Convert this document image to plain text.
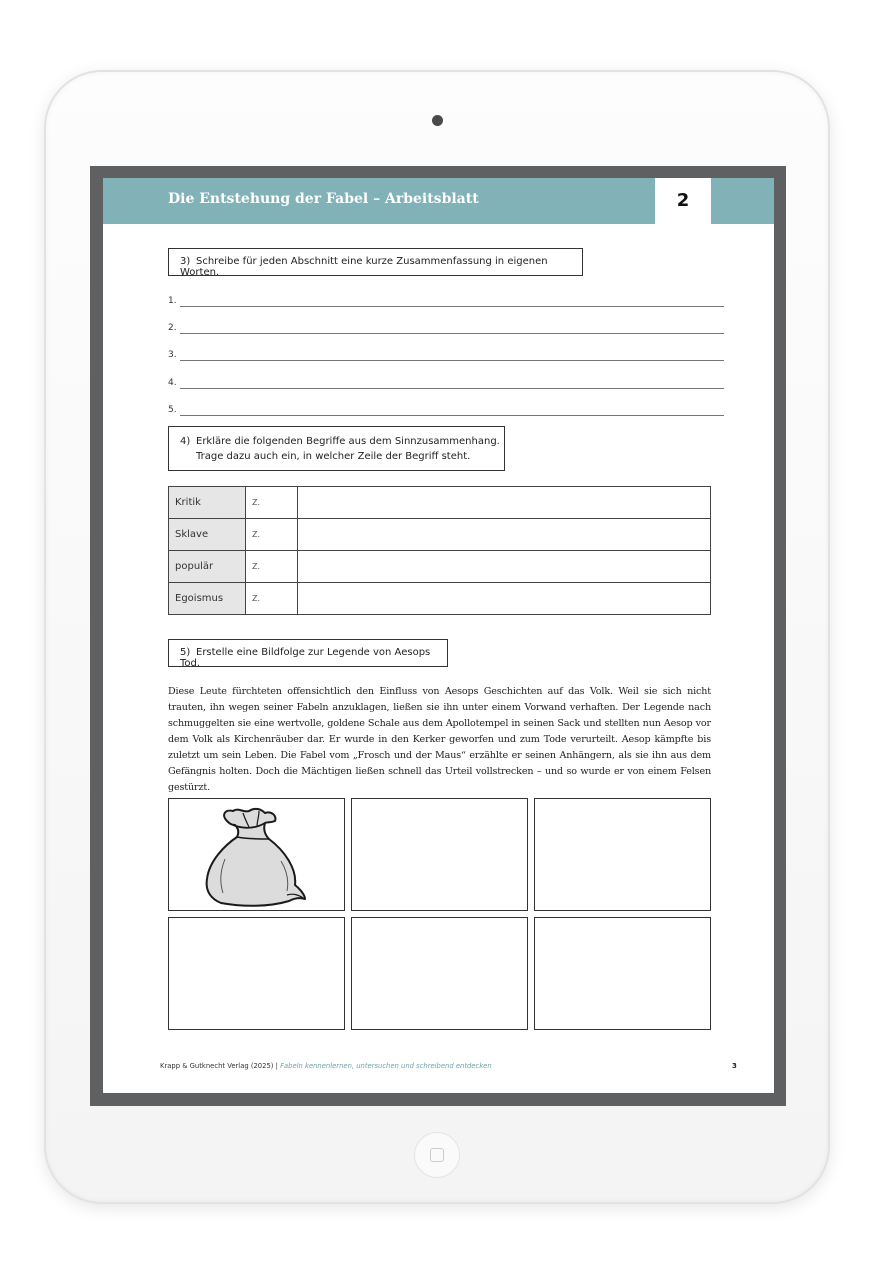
Die Entstehung der Fabel – Arbeitsblatt	2
3) Schreibe für jeden Abschnitt eine kurze Zusammenfassung in eigenen Worten.
1.
2.
3.
4.
5.
4) Erkläre die folgenden Begriffe aus dem Sinnzusammenhang.
Trage dazu auch ein, in welcher Zeile der Begriff steht.
Kritik	Z.	
Sklave	Z.	
populär	Z.	
Egoismus	Z.	
5) Erstelle eine Bildfolge zur Legende von Aesops Tod.
Diese Leute fürchteten offensichtlich den Einfluss von Aesops Geschichten auf das Volk. Weil sie sich nicht trauten, ihn wegen seiner Fabeln anzuklagen, ließen sie ihn unter einem Vorwand verhaften. Der Legende nach schmuggelten sie eine wertvolle, goldene Schale aus dem Apollotempel in seinen Sack und stellten nun Aesop vor dem Volk als Kirchenräuber dar. Er wurde in den Kerker geworfen und zum Tode verurteilt. Aesop kämpfte bis zuletzt um sein Leben. Die Fabel vom „Frosch und der Maus“ erzählte er seinen Anhängern, als sie ihn aus dem Gefängnis holten. Doch die Mächtigen ließen schnell das Urteil vollstrecken – und so wurde er von einem Felsen gestürzt.
Krapp & Gutknecht Verlag (2025) | Fabeln kennenlernen, untersuchen und schreibend entdecken	3
